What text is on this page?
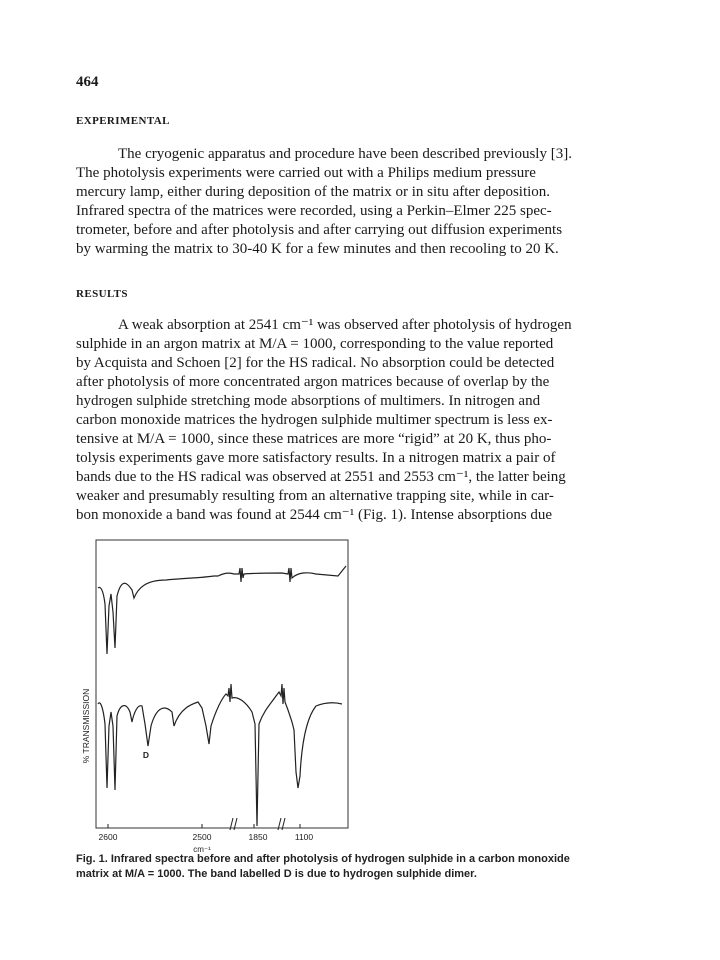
464
EXPERIMENTAL
The cryogenic apparatus and procedure have been described previously [3].
The photolysis experiments were carried out with a Philips medium pressure
mercury lamp, either during deposition of the matrix or in situ after deposition.
Infrared spectra of the matrices were recorded, using a Perkin–Elmer 225 spec-
trometer, before and after photolysis and after carrying out diffusion experiments
by warming the matrix to 30-40 K for a few minutes and then recooling to 20 K.
RESULTS
A weak absorption at 2541 cm⁻¹ was observed after photolysis of hydrogen
sulphide in an argon matrix at M/A = 1000, corresponding to the value reported
by Acquista and Schoen [2] for the HS radical. No absorption could be detected
after photolysis of more concentrated argon matrices because of overlap by the
hydrogen sulphide stretching mode absorptions of multimers. In nitrogen and
carbon monoxide matrices the hydrogen sulphide multimer spectrum is less ex-
tensive at M/A = 1000, since these matrices are more “rigid” at 20 K, thus pho-
tolysis experiments gave more satisfactory results. In a nitrogen matrix a pair of
bands due to the HS radical was observed at 2551 and 2553 cm⁻¹, the latter being
weaker and presumably resulting from an alternative trapping site, while in car-
bon monoxide a band was found at 2544 cm⁻¹ (Fig. 1). Intense absorptions due
% TRANSMISSION
2600	2500	1850	1100
cm⁻¹
D
Fig. 1. Infrared spectra before and after photolysis of hydrogen sulphide in a carbon monoxide
matrix at M/A = 1000. The band labelled D is due to hydrogen sulphide dimer.
